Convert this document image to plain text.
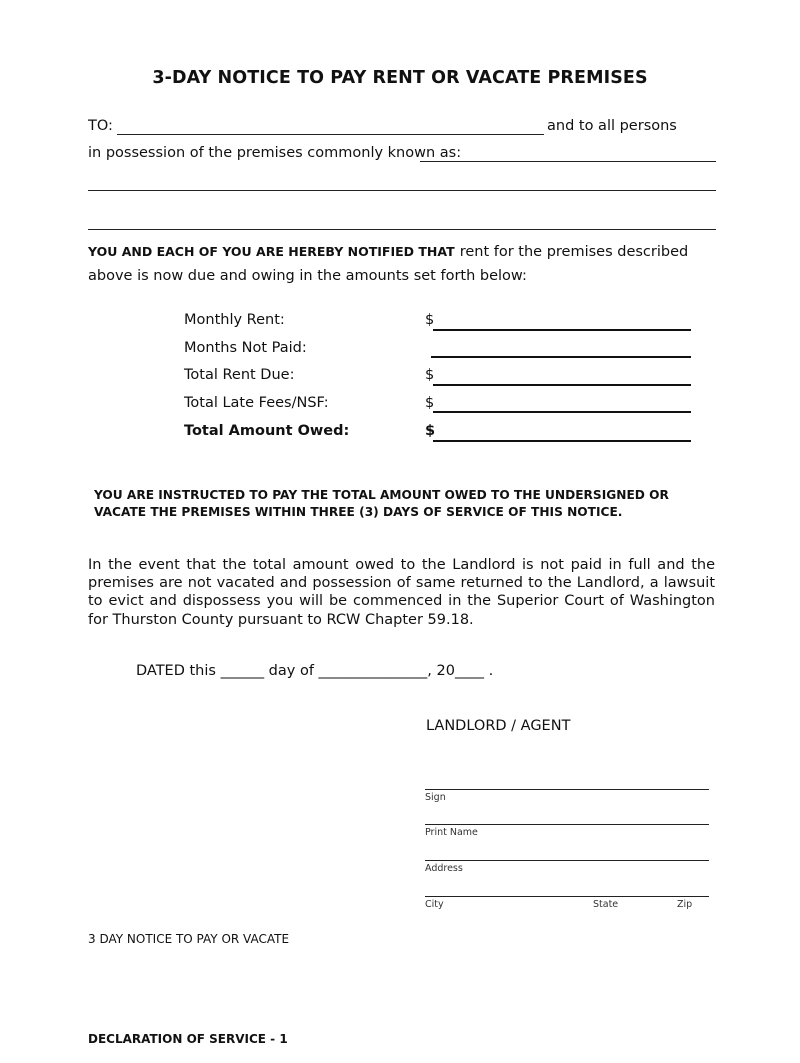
3-DAY NOTICE TO PAY RENT OR VACATE PREMISES
TO:	and to all persons
in possession of the premises commonly known as:
YOU AND EACH OF YOU ARE HEREBY NOTIFIED THAT rent for the premises described
above is now due and owing in the amounts set forth below:
Monthly Rent:	$
Months Not Paid:
Total Rent Due:	$
Total Late Fees/NSF:	$
Total Amount Owed:	$

YOU ARE INSTRUCTED TO PAY THE TOTAL AMOUNT OWED TO THE UNDERSIGNED OR VACATE THE PREMISES WITHIN THREE (3) DAYS OF SERVICE OF THIS NOTICE.

In the event that the total amount owed to the Landlord is not paid in full and the premises are not vacated and possession of same returned to the Landlord, a lawsuit to evict and dispossess you will be commenced in the Superior Court of Washington for Thurston County pursuant to RCW Chapter 59.18.

DATED this ______ day of _______________, 20____ .
LANDLORD / AGENT
Sign
Print Name
Address
City	State	Zip
3 DAY NOTICE TO PAY OR VACATE
DECLARATION OF SERVICE - 1
